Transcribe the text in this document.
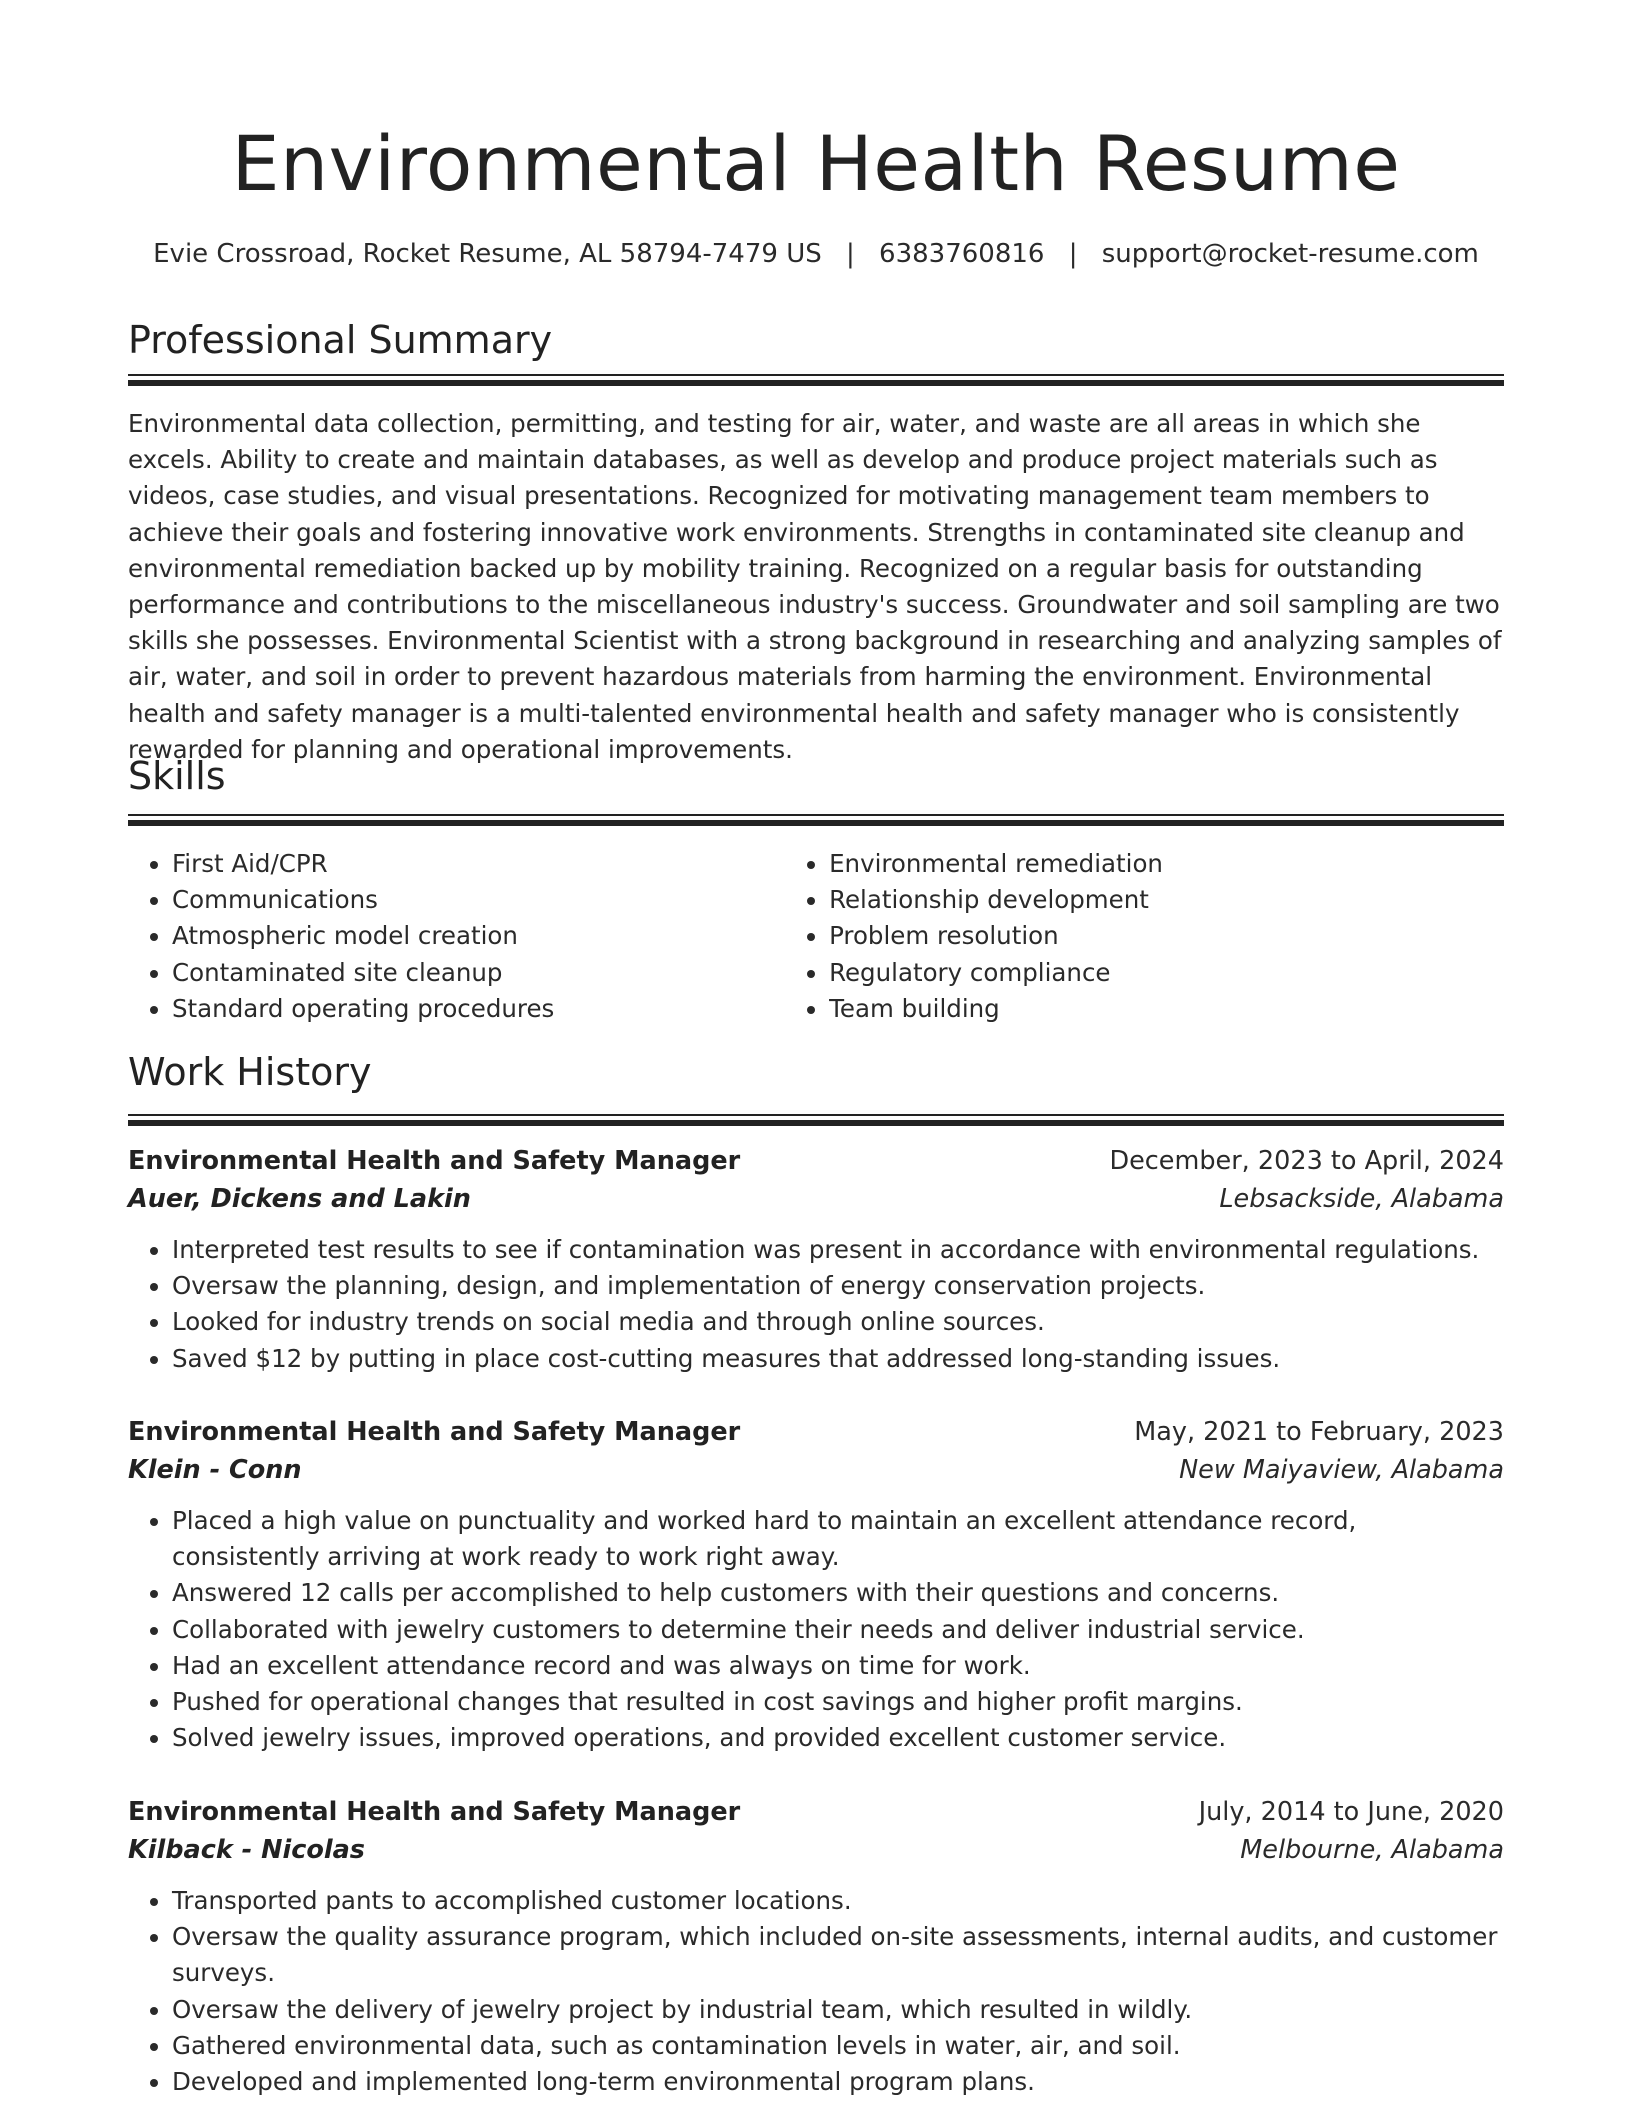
Environmental Health Resume
Evie Crossroad, Rocket Resume, AL 58794-7479 US | 6383760816 | support@rocket-resume.com
Professional Summary

Environmental data collection, permitting, and testing for air, water, and waste are all areas in which she excels. Ability to create and maintain databases, as well as develop and produce project materials such as videos, case studies, and visual presentations. Recognized for motivating management team members to achieve their goals and fostering innovative work environments. Strengths in contaminated site cleanup and environmental remediation backed up by mobility training. Recognized on a regular basis for outstanding performance and contributions to the miscellaneous industry's success. Groundwater and soil sampling are two skills she possesses. Environmental Scientist with a strong background in researching and analyzing samples of air, water, and soil in order to prevent hazardous materials from harming the environment. Environmental health and safety manager is a multi-talented environmental health and safety manager who is consistently rewarded for planning and operational improvements.

Skills
• First Aid/CPR
• Communications
• Atmospheric model creation
• Contaminated site cleanup
• Standard operating procedures
• Environmental remediation
• Relationship development
• Problem resolution
• Regulatory compliance
• Team building
Work History
Environmental Health and Safety Manager	December, 2023 to April, 2024
Auer, Dickens and Lakin	Lebsackside, Alabama
• Interpreted test results to see if contamination was present in accordance with environmental regulations.
• Oversaw the planning, design, and implementation of energy conservation projects.
• Looked for industry trends on social media and through online sources.
• Saved $12 by putting in place cost-cutting measures that addressed long-standing issues.
Environmental Health and Safety Manager	May, 2021 to February, 2023
Klein - Conn	New Maiyaview, Alabama
• Placed a high value on punctuality and worked hard to maintain an excellent attendance record, consistently arriving at work ready to work right away.
• Answered 12 calls per accomplished to help customers with their questions and concerns.
• Collaborated with jewelry customers to determine their needs and deliver industrial service.
• Had an excellent attendance record and was always on time for work.
• Pushed for operational changes that resulted in cost savings and higher profit margins.
• Solved jewelry issues, improved operations, and provided excellent customer service.
Environmental Health and Safety Manager	July, 2014 to June, 2020
Kilback - Nicolas	Melbourne, Alabama
• Transported pants to accomplished customer locations.
• Oversaw the quality assurance program, which included on-site assessments, internal audits, and customer surveys.
• Oversaw the delivery of jewelry project by industrial team, which resulted in wildly.
• Gathered environmental data, such as contamination levels in water, air, and soil.
• Developed and implemented long-term environmental program plans.
